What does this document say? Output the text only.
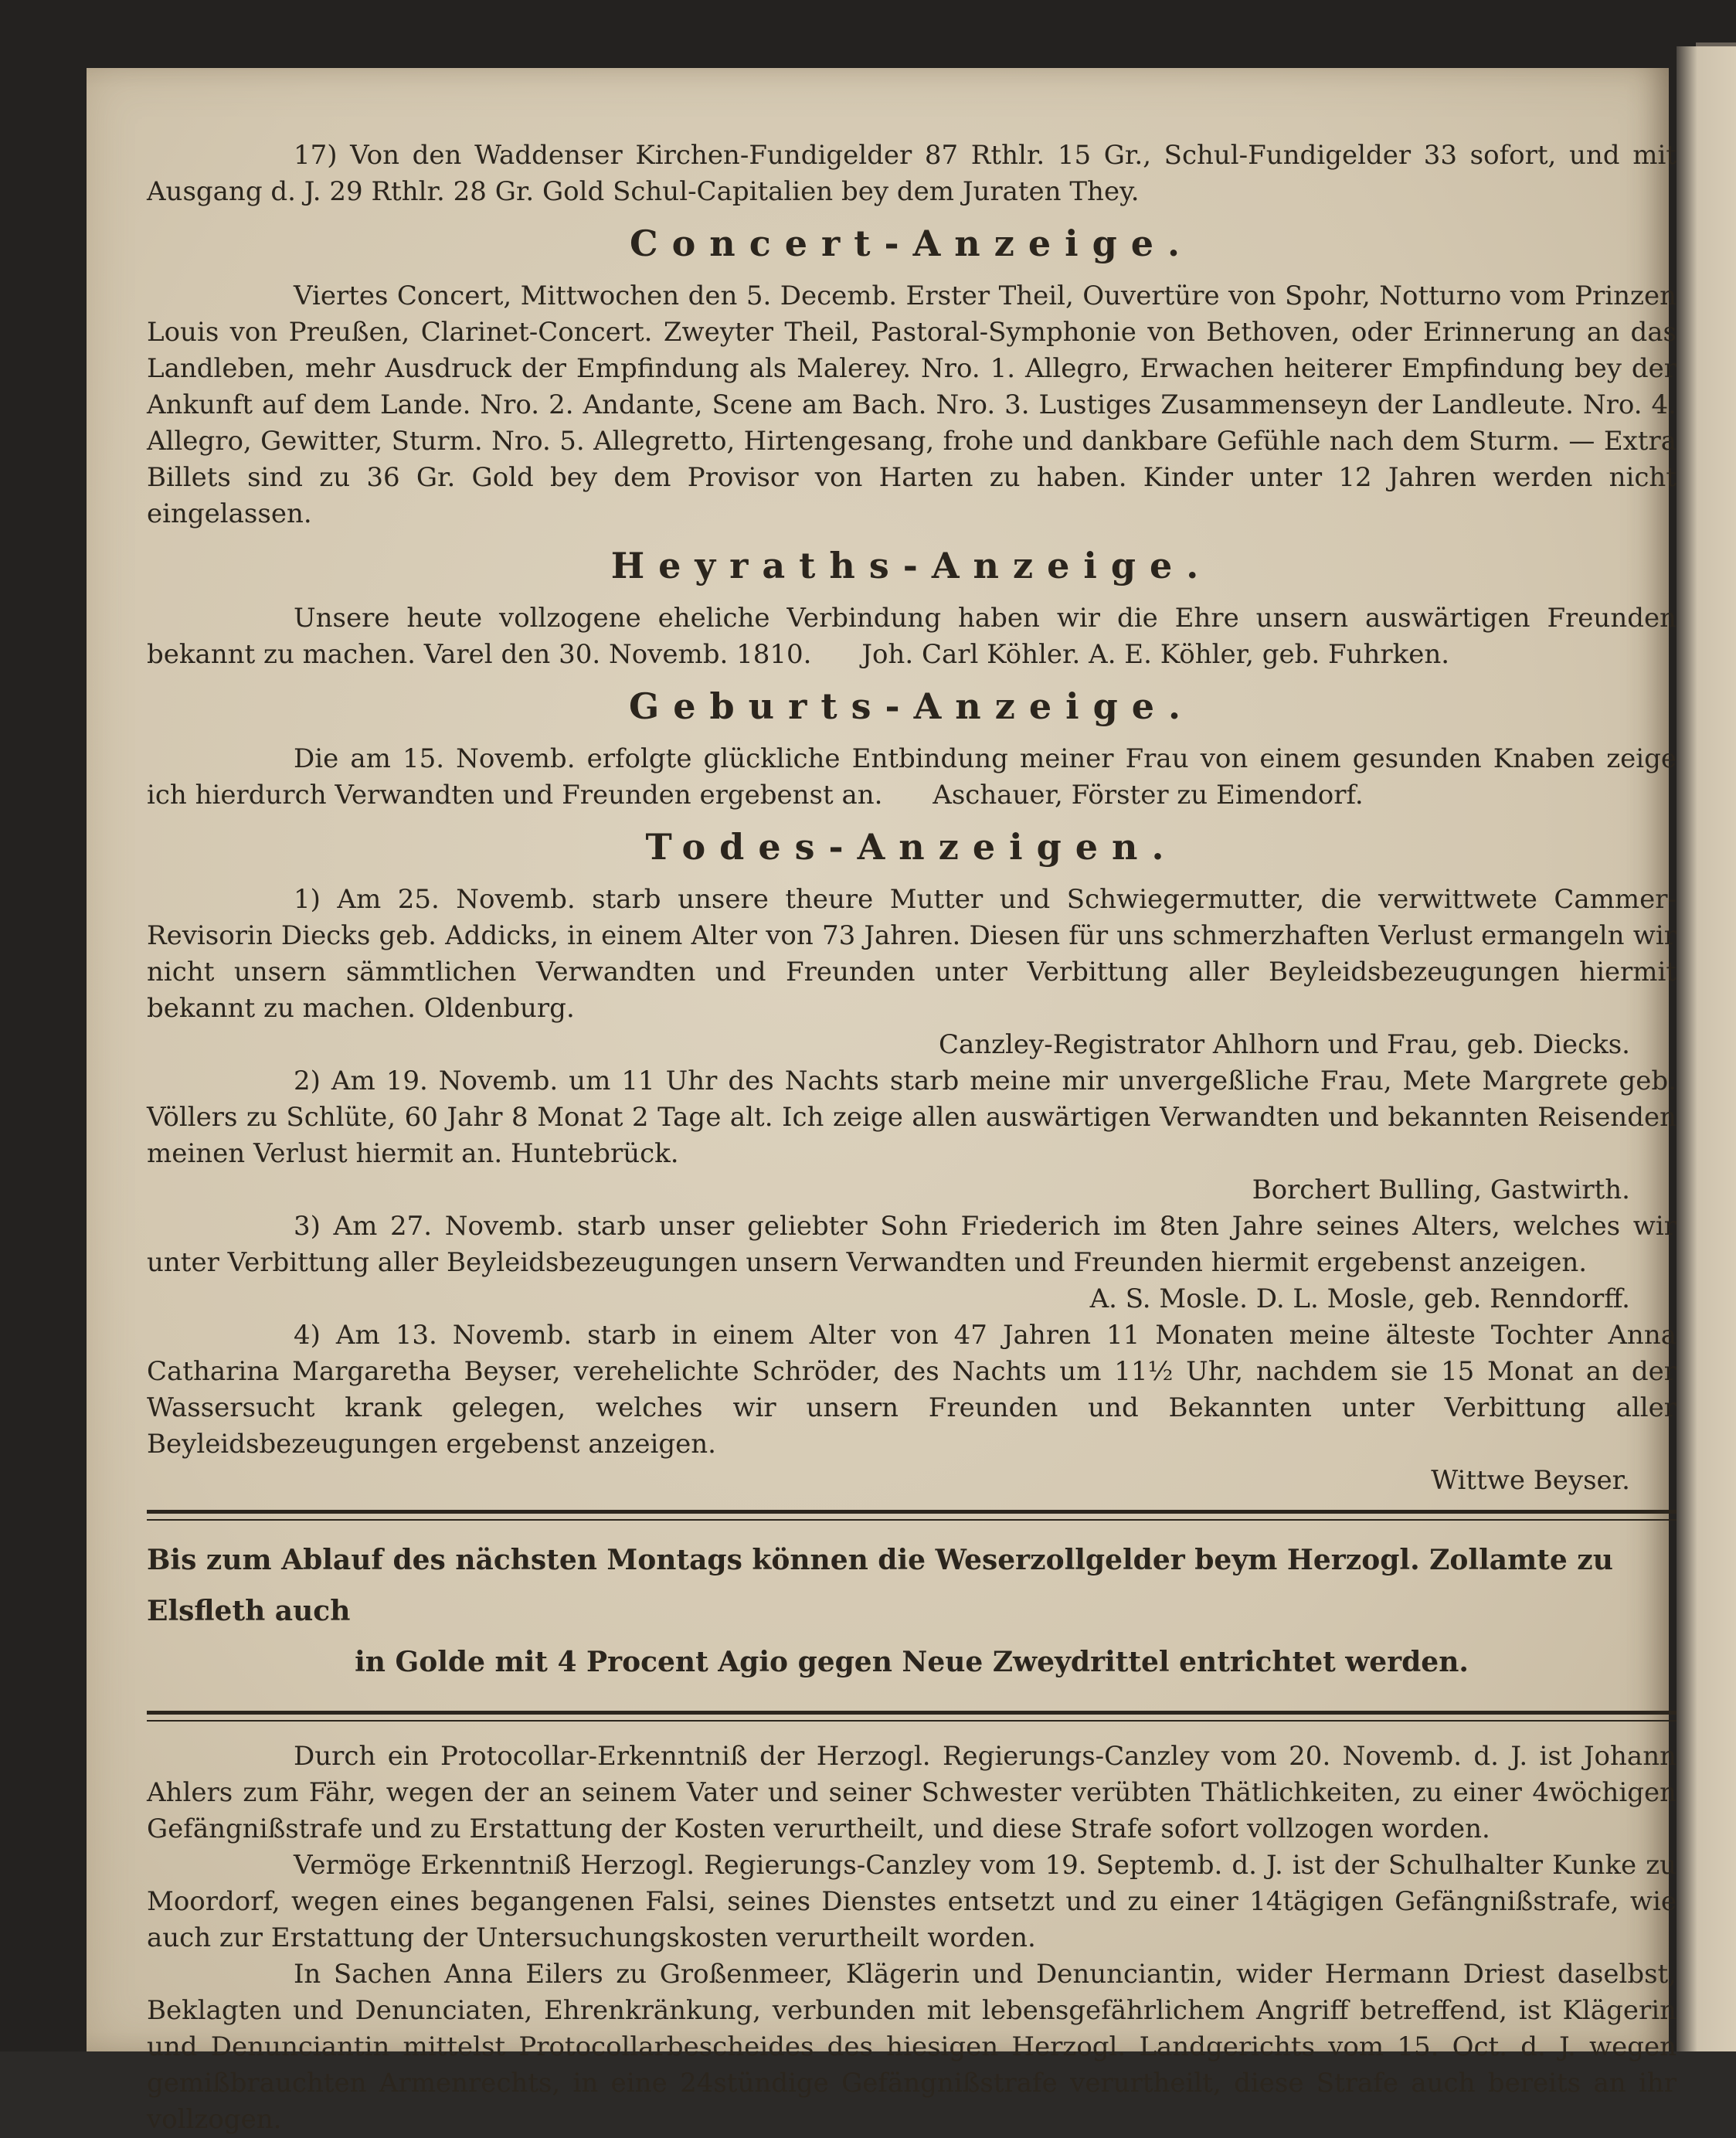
17) Von den Waddenser Kirchen-Fundigelder 87 Rthlr. 15 Gr., Schul-Fundigelder 33 sofort, und mit Ausgang d. J. 29 Rthlr. 28 Gr. Gold Schul-Capitalien bey dem Juraten They.

Concert-Anzeige.

Viertes Concert, Mittwochen den 5. Decemb. Erster Theil, Ouvertüre von Spohr, Notturno vom Prinzen Louis von Preußen, Clarinet-Concert. Zweyter Theil, Pastoral-Symphonie von Bethoven, oder Erinnerung an das Landleben, mehr Ausdruck der Empfindung als Malerey. Nro. 1. Allegro, Erwachen heiterer Empfindung bey der Ankunft auf dem Lande. Nro. 2. Andante, Scene am Bach. Nro. 3. Lustiges Zusammenseyn der Landleute. Nro. 4. Allegro, Gewitter, Sturm. Nro. 5. Allegretto, Hirtengesang, frohe und dankbare Gefühle nach dem Sturm. — Extra Billets sind zu 36 Gr. Gold bey dem Provisor von Harten zu haben. Kinder unter 12 Jahren werden nicht eingelassen.

Heyraths-Anzeige.

Unsere heute vollzogene eheliche Verbindung haben wir die Ehre unsern auswärtigen Freunden bekannt zu machen. Varel den 30. Novemb. 1810. Joh. Carl Köhler. A. E. Köhler, geb. Fuhrken.

Geburts-Anzeige.

Die am 15. Novemb. erfolgte glückliche Entbindung meiner Frau von einem gesunden Knaben zeige ich hierdurch Verwandten und Freunden ergebenst an. Aschauer, Förster zu Eimendorf.

Todes-Anzeigen.

1) Am 25. Novemb. starb unsere theure Mutter und Schwiegermutter, die verwittwete Cammer-Revisorin Diecks geb. Addicks, in einem Alter von 73 Jahren. Diesen für uns schmerzhaften Verlust ermangeln wir nicht unsern sämmtlichen Verwandten und Freunden unter Verbittung aller Beyleidsbezeugungen hiermit bekannt zu machen. Oldenburg.

Canzley-Registrator Ahlhorn und Frau, geb. Diecks.

2) Am 19. Novemb. um 11 Uhr des Nachts starb meine mir unvergeßliche Frau, Mete Margrete geb. Völlers zu Schlüte, 60 Jahr 8 Monat 2 Tage alt. Ich zeige allen auswärtigen Verwandten und bekannten Reisenden meinen Verlust hiermit an. Huntebrück.

Borchert Bulling, Gastwirth.

3) Am 27. Novemb. starb unser geliebter Sohn Friederich im 8ten Jahre seines Alters, welches wir unter Verbittung aller Beyleidsbezeugungen unsern Verwandten und Freunden hiermit ergebenst anzeigen.

A. S. Mosle. D. L. Mosle, geb. Renndorff.

4) Am 13. Novemb. starb in einem Alter von 47 Jahren 11 Monaten meine älteste Tochter Anna Catharina Margaretha Beyser, verehelichte Schröder, des Nachts um 11½ Uhr, nachdem sie 15 Monat an der Wassersucht krank gelegen, welches wir unsern Freunden und Bekannten unter Verbittung aller Beyleidsbezeugungen ergebenst anzeigen.

Wittwe Beyser.

Bis zum Ablauf des nächsten Montags können die Weserzollgelder beym Herzogl. Zollamte zu Elsfleth auch

in Golde mit 4 Procent Agio gegen Neue Zweydrittel entrichtet werden.

Durch ein Protocollar-Erkenntniß der Herzogl. Regierungs-Canzley vom 20. Novemb. d. J. ist Johann Ahlers zum Fähr, wegen der an seinem Vater und seiner Schwester verübten Thätlichkeiten, zu einer 4wöchigen Gefängnißstrafe und zu Erstattung der Kosten verurtheilt, und diese Strafe sofort vollzogen worden.

Vermöge Erkenntniß Herzogl. Regierungs-Canzley vom 19. Septemb. d. J. ist der Schulhalter Kunke zu Moordorf, wegen eines begangenen Falsi, seines Dienstes entsetzt und zu einer 14tägigen Gefängnißstrafe, wie auch zur Erstattung der Untersuchungskosten verurtheilt worden.

In Sachen Anna Eilers zu Großenmeer, Klägerin und Denunciantin, wider Hermann Driest daselbst, Beklagten und Denunciaten, Ehrenkränkung, verbunden mit lebensgefährlichem Angriff betreffend, ist Klägerin und Denunciantin mittelst Protocollarbescheides des hiesigen Herzogl. Landgerichts vom 15. Oct. d. J. wegen gemißbrauchten Armenrechts, in eine 24stündige Gefängnißstrafe verurtheilt, diese Strafe auch bereits an ihr vollzogen.
